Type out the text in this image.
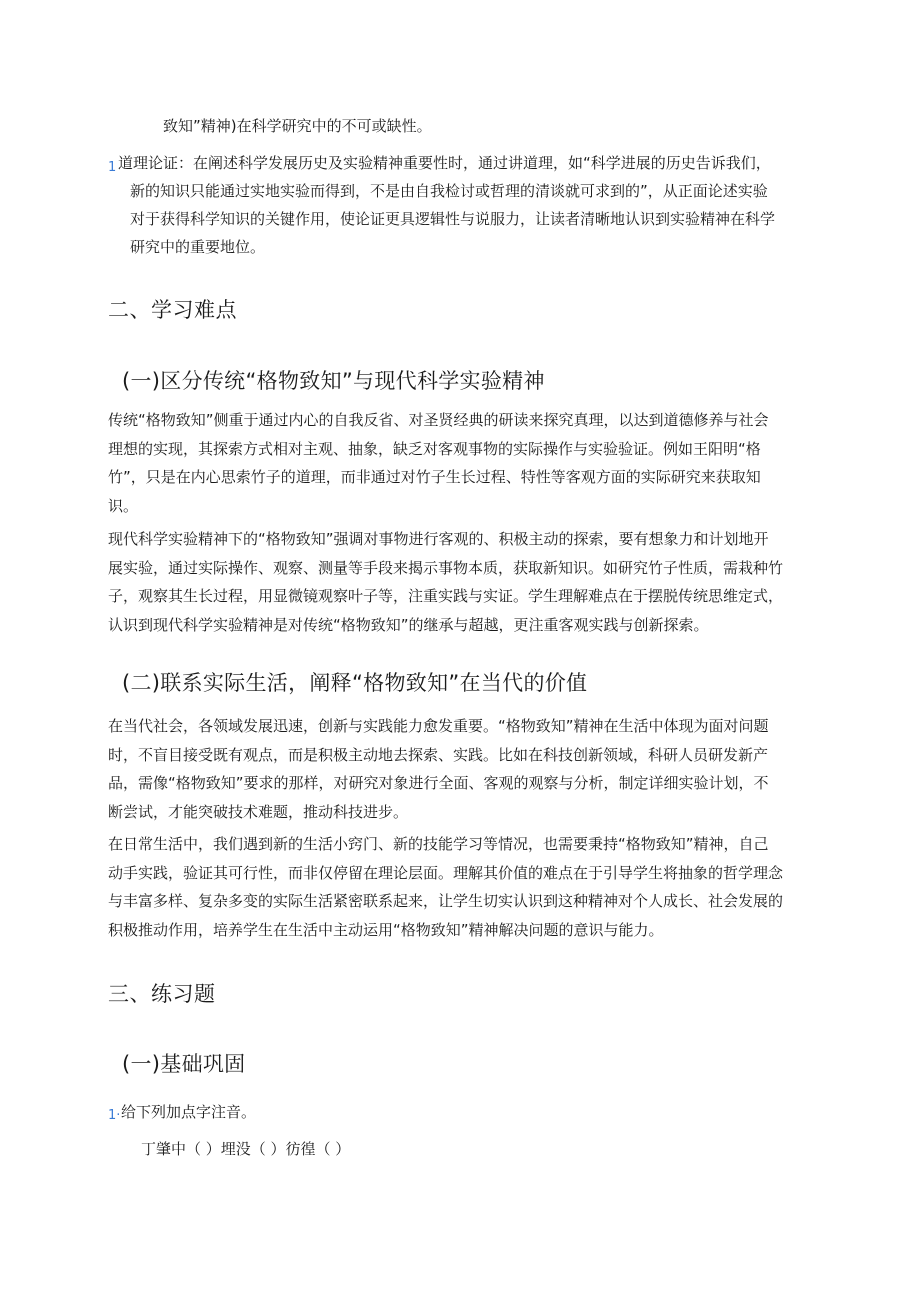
致知”精神)在科学研究中的不可或缺性。
1 道理论证：在阐述科学发展历史及实验精神重要性时，通过讲道理，如“科学进展的历史告诉我们，
新的知识只能通过实地实验而得到，不是由自我检讨或哲理的清谈就可求到的”，从正面论述实验
对于获得科学知识的关键作用，使论证更具逻辑性与说服力，让读者清晰地认识到实验精神在科学
研究中的重要地位。
二、学习难点
(一)区分传统“格物致知”与现代科学实验精神
传统“格物致知”侧重于通过内心的自我反省、对圣贤经典的研读来探究真理，以达到道德修养与社会
理想的实现，其探索方式相对主观、抽象，缺乏对客观事物的实际操作与实验验证。例如王阳明“格
竹”，只是在内心思索竹子的道理，而非通过对竹子生长过程、特性等客观方面的实际研究来获取知
识。
现代科学实验精神下的“格物致知”强调对事物进行客观的、积极主动的探索，要有想象力和计划地开
展实验，通过实际操作、观察、测量等手段来揭示事物本质，获取新知识。如研究竹子性质，需栽种竹
子，观察其生长过程，用显微镜观察叶子等，注重实践与实证。学生理解难点在于摆脱传统思维定式，
认识到现代科学实验精神是对传统“格物致知”的继承与超越，更注重客观实践与创新探索。
(二)联系实际生活，阐释“格物致知”在当代的价值
在当代社会，各领域发展迅速，创新与实践能力愈发重要。“格物致知”精神在生活中体现为面对问题
时，不盲目接受既有观点，而是积极主动地去探索、实践。比如在科技创新领域，科研人员研发新产
品，需像“格物致知”要求的那样，对研究对象进行全面、客观的观察与分析，制定详细实验计划，不
断尝试，才能突破技术难题，推动科技进步。
在日常生活中，我们遇到新的生活小窍门、新的技能学习等情况，也需要秉持“格物致知”精神，自己
动手实践，验证其可行性，而非仅停留在理论层面。理解其价值的难点在于引导学生将抽象的哲学理念
与丰富多样、复杂多变的实际生活紧密联系起来，让学生切实认识到这种精神对个人成长、社会发展的
积极推动作用，培养学生在生活中主动运用“格物致知”精神解决问题的意识与能力。
三、练习题
(一)基础巩固
1· 给下列加点字注音。
丁肇中（ ）埋没（ ）彷徨（ ）
